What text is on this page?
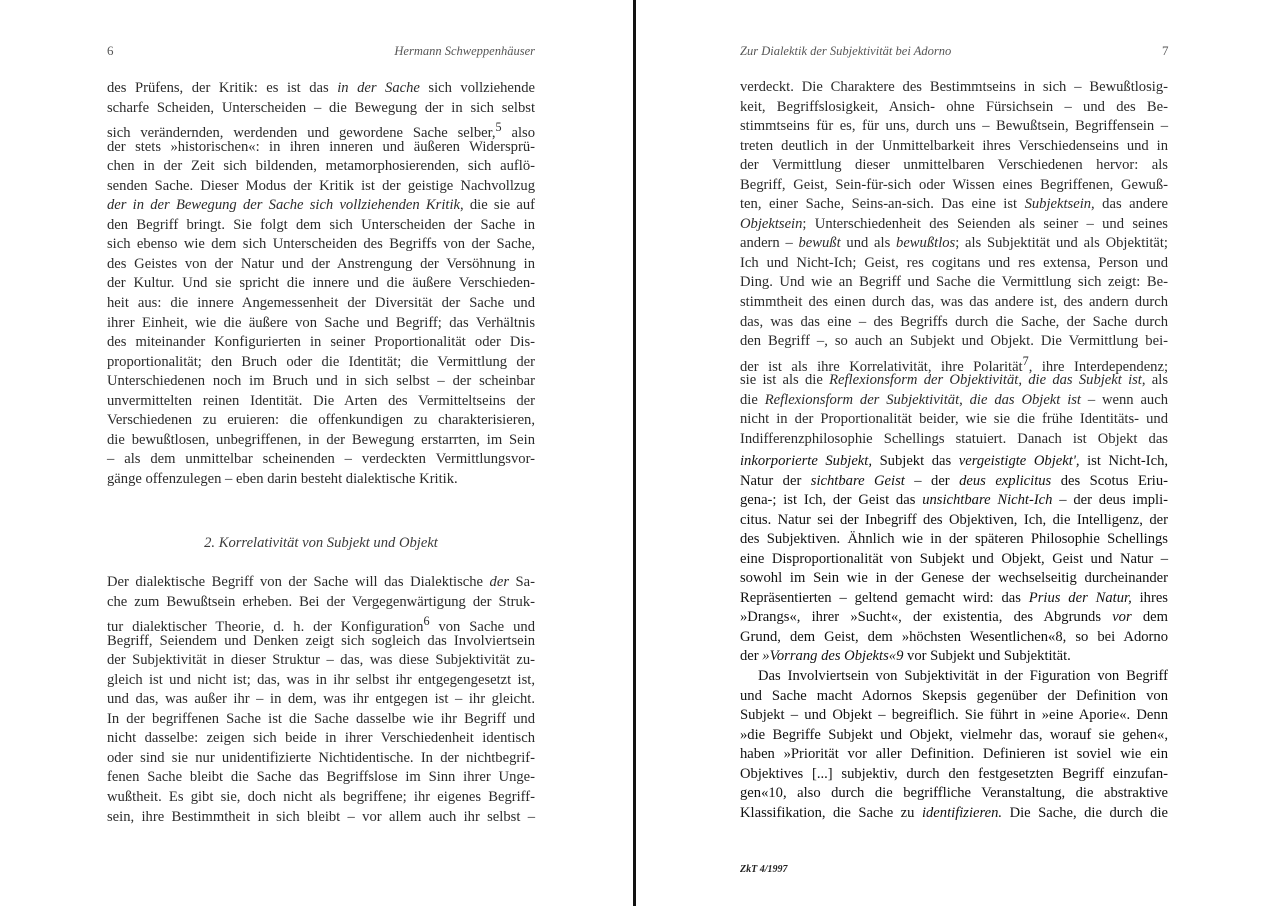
6	Hermann Schweppenhäuser
des Prüfens, der Kritik: es ist das in der Sache sich vollziehende
scharfe Scheiden, Unterscheiden – die Bewegung der in sich selbst
sich verändernden, werdenden und gewordene Sache selber,$^5$ also
der stets »historischen«: in ihren inneren und äußeren Widersprü-
chen in der Zeit sich bildenden, metamorphosierenden, sich auflö-
senden Sache. Dieser Modus der Kritik ist der geistige Nachvollzug
der in der Bewegung der Sache sich vollziehenden Kritik, die sie auf
den Begriff bringt. Sie folgt dem sich Unterscheiden der Sache in
sich ebenso wie dem sich Unterscheiden des Begriffs von der Sache,
des Geistes von der Natur und der Anstrengung der Versöhnung in
der Kultur. Und sie spricht die innere und die äußere Verschieden-
heit aus: die innere Angemessenheit der Diversität der Sache und
ihrer Einheit, wie die äußere von Sache und Begriff; das Verhältnis
des miteinander Konfigurierten in seiner Proportionalität oder Dis-
proportionalität; den Bruch oder die Identität; die Vermittlung der
Unterschiedenen noch im Bruch und in sich selbst – der scheinbar
unvermittelten reinen Identität. Die Arten des Vermitteltseins der
Verschiedenen zu eruieren: die offenkundigen zu charakterisieren,
die bewußtlosen, unbegriffenen, in der Bewegung erstarrten, im Sein
– als dem unmittelbar scheinenden – verdeckten Vermittlungsvor-
gänge offenzulegen – eben darin besteht dialektische Kritik.
2. Korrelativität von Subjekt und Objekt
Der dialektische Begriff von der Sache will das Dialektische der Sa-
che zum Bewußtsein erheben. Bei der Vergegenwärtigung der Struk-
tur dialektischer Theorie, d. h. der Konfiguration$^6$ von Sache und
Begriff, Seiendem und Denken zeigt sich sogleich das Involviertsein
der Subjektivität in dieser Struktur – das, was diese Subjektivität zu-
gleich ist und nicht ist; das, was in ihr selbst ihr entgegengesetzt ist,
und das, was außer ihr – in dem, was ihr entgegen ist – ihr gleicht.
In der begriffenen Sache ist die Sache dasselbe wie ihr Begriff und
nicht dasselbe: zeigen sich beide in ihrer Verschiedenheit identisch
oder sind sie nur unidentifizierte Nichtidentische. In der nichtbegrif-
fenen Sache bleibt die Sache das Begriffslose im Sinn ihrer Unge-
wußtheit. Es gibt sie, doch nicht als begriffene; ihr eigenes Begriff-
sein, ihre Bestimmtheit in sich bleibt – vor allem auch ihr selbst –
Zur Dialektik der Subjektivität bei Adorno	7
verdeckt. Die Charaktere des Bestimmtseins in sich – Bewußtlosig-
keit, Begriffslosigkeit, Ansich- ohne Fürsichsein – und des Be-
stimmtseins für es, für uns, durch uns – Bewußtsein, Begriffensein –
treten deutlich in der Unmittelbarkeit ihres Verschiedenseins und in
der Vermittlung dieser unmittelbaren Verschiedenen hervor: als
Begriff, Geist, Sein-für-sich oder Wissen eines Begriffenen, Gewuß-
ten, einer Sache, Seins-an-sich. Das eine ist Subjektsein, das andere
Objektsein; Unterschiedenheit des Seienden als seiner – und seines
andern – bewußt und als bewußtlos; als Subjektität und als Objektität;
Ich und Nicht-Ich; Geist, res cogitans und res extensa, Person und
Ding. Und wie an Begriff und Sache die Vermittlung sich zeigt: Be-
stimmtheit des einen durch das, was das andere ist, des andern durch
das, was das eine – des Begriffs durch die Sache, der Sache durch
den Begriff –, so auch an Subjekt und Objekt. Die Vermittlung bei-
der ist als ihre Korrelativität, ihre Polarität$^7$, ihre Interdependenz;
sie ist als die Reflexionsform der Objektivität, die das Subjekt ist, als
die Reflexionsform der Subjektivität, die das Objekt ist – wenn auch
nicht in der Proportionalität beider, wie sie die frühe Identitäts- und
Indifferenzphilosophie Schellings statuiert. Danach ist Objekt das
inkorporierte Subjekt, Subjekt das vergeistigte Objekt', ist Nicht-Ich,
Natur der sichtbare Geist – der deus explicitus des Scotus Eriu-
gena-; ist Ich, der Geist das unsichtbare Nicht-Ich – der deus impli-
citus. Natur sei der Inbegriff des Objektiven, Ich, die Intelligenz, der
des Subjektiven. Ähnlich wie in der späteren Philosophie Schellings
eine Disproportionalität von Subjekt und Objekt, Geist und Natur –
sowohl im Sein wie in der Genese der wechselseitig durcheinander
Repräsentierten – geltend gemacht wird: das Prius der Natur, ihres
»Drangs«, ihrer »Sucht«, der existentia, des Abgrunds vor dem
Grund, dem Geist, dem »höchsten Wesentlichen«8, so bei Adorno
der »Vorrang des Objekts«9 vor Subjekt und Subjektität.
Das Involviertsein von Subjektivität in der Figuration von Begriff
und Sache macht Adornos Skepsis gegenüber der Definition von
Subjekt – und Objekt – begreiflich. Sie führt in »eine Aporie«. Denn
»die Begriffe Subjekt und Objekt, vielmehr das, worauf sie gehen«,
haben »Priorität vor aller Definition. Definieren ist soviel wie ein
Objektives [...] subjektiv, durch den festgesetzten Begriff einzufan-
gen«10, also durch die begriffliche Veranstaltung, die abstraktive
Klassifikation, die Sache zu identifizieren. Die Sache, die durch die
ZkT 4/1997
